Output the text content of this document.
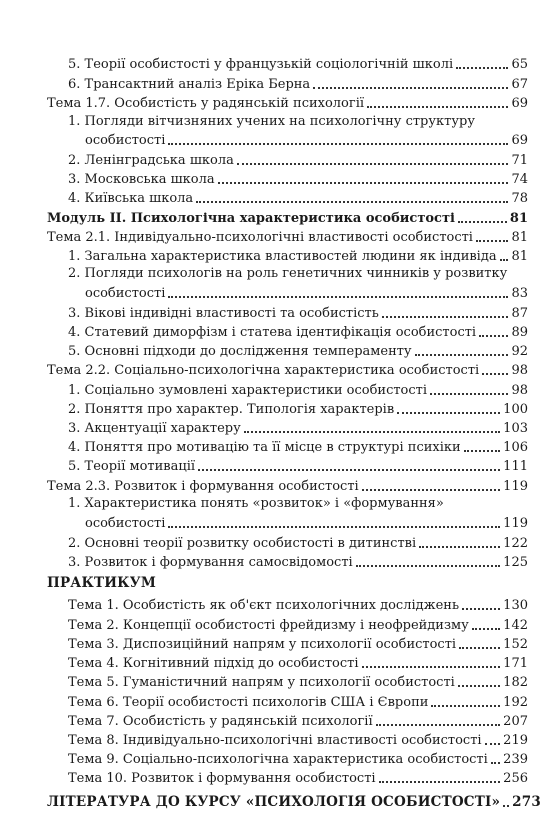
5. Теорії особистості у французькій соціологічній школі	65
6. Трансактний аналіз Еріка Берна	67
Тема 1.7. Особистість у радянській психології	69
1. Погляди вітчизняних учених на психологічну структуру
особистості	69
2. Ленінградська школа	71
3. Московська школа	74
4. Київська школа	78
Модуль II. Психологічна характеристика особистості	81
Тема 2.1. Індивідуально-психологічні властивості особистості	81
1. Загальна характеристика властивостей людини як індивіда 81
2. Погляди психологів на роль генетичних чинників у розвитку
особистості	83
3. Вікові індивідні властивості та особистість	87
4. Статевий диморфізм і статева ідентифікація особистості	89
5. Основні підходи до дослідження темпераменту	92
Тема 2.2. Соціально-психологічна характеристика особистості 98
1. Соціально зумовлені характеристики особистості	98
2. Поняття про характер. Типологія характерів	100
3. Акцентуації характеру	103
4. Поняття про мотивацію та її місце в структурі психіки	106
5. Теорії мотивації	111
Тема 2.3. Розвиток і формування особистості	119
1. Характеристика понять «розвиток» і «формування»
особистості	119
2. Основні теорії розвитку особистості в дитинстві	122
3. Розвиток і формування самосвідомості	125
ПРАКТИКУМ
Тема 1. Особистість як об'єкт психологічних досліджень	130
Тема 2. Концепції особистості фрейдизму і неофрейдизму	142
Тема 3. Диспозиційний напрям у психології особистості	152
Тема 4. Когнітивний підхід до особистості	171
Тема 5. Гуманістичний напрям у психології особистості	182
Тема 6. Теорії особистості психологів США і Європи	192
Тема 7. Особистість у радянській психології	207
Тема 8. Індивідуально-психологічні властивості особистості 219
Тема 9. Соціально-психологічна характеристика особистості 239
Тема 10. Розвиток і формування особистості	256
ЛІТЕРАТУРА ДО КУРСУ «ПСИХОЛОГІЯ ОСОБИСТОСТІ» 273
